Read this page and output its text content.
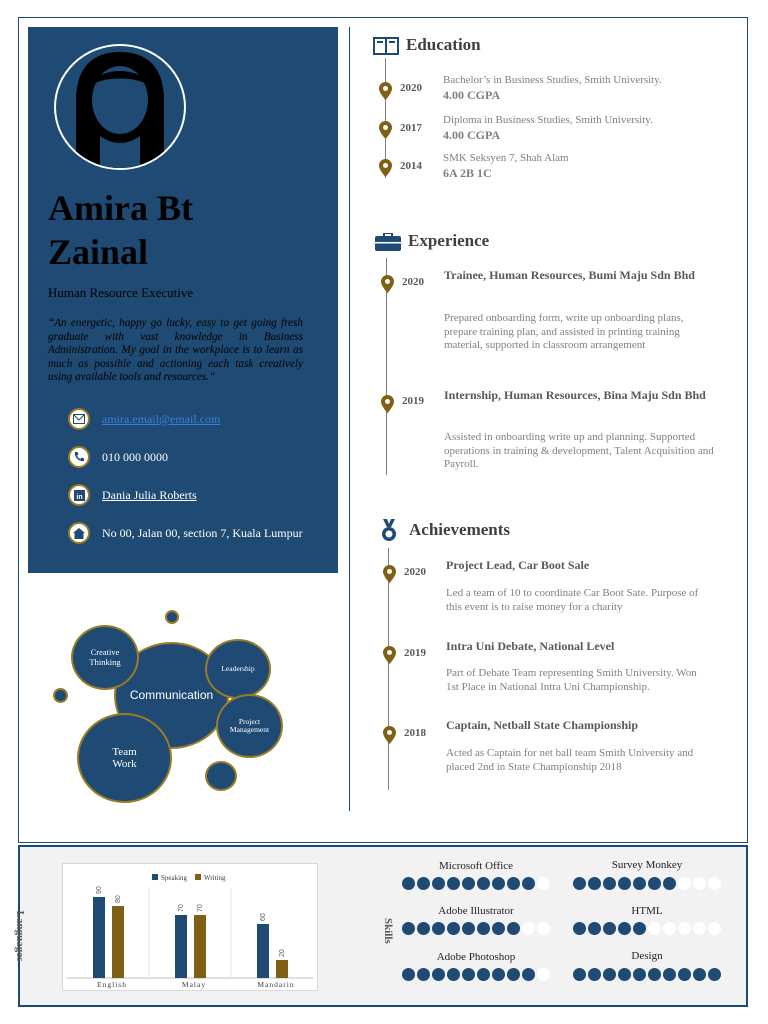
Amira Bt
Zainal
Human Resource Executive
“An energetic, happy go lucky, easy to get going fresh graduate with vast knowledge in Business Administration. My goal in the workplace is to learn as much as possible and actioning each task creatively using available tools and resources.“
amira.email@email.com
010 000 0000
in Dania Julia Roberts
No 00, Jalan 00, section 7, Kuala Lumpur
Communication
Creative Thinking
Leadership
Project Management
Team Work
Education
2020
Bachelor’s in Business Studies, Smith University.
4.00 CGPA
2017
Diploma in Business Studies, Smith University.
4.00 CGPA
2014
SMK Seksyen 7, Shah Alam
6A 2B 1C
Experience
2020 Trainee, Human Resources, Bumi Maju Sdn Bhd
Prepared onboarding form, write up onboarding plans, prepare training plan, and assisted in printing training material, supported in classroom arrangement
2019 Internship, Human Resources, Bina Maju Sdn Bhd
Assisted in onboarding write up and planning. Supported operations in training & development, Talent Acquisition and Payroll.
Achievements
2020 Project Lead, Car Boot Sale
Led a team of 10 to coordinate Car Boot Sate. Purpose of this event is to raise money for a charity
2019 Intra Uni Debate, National Level
Part of Debate Team representing Smith University. Won 1st Place in National Intra Uni Championship.
2018
Captain, Netball State Championship
Acted as Captain for net ball team Smith University and placed 2nd in State Championship 2018
Languages
Speaking Writing
90
80
English
70 70
Malay
60
20
Mandarin
Skills
Microsoft Office	Survey Monkey
Adobe Illustrator	HTML
Adobe Photoshop	Design
